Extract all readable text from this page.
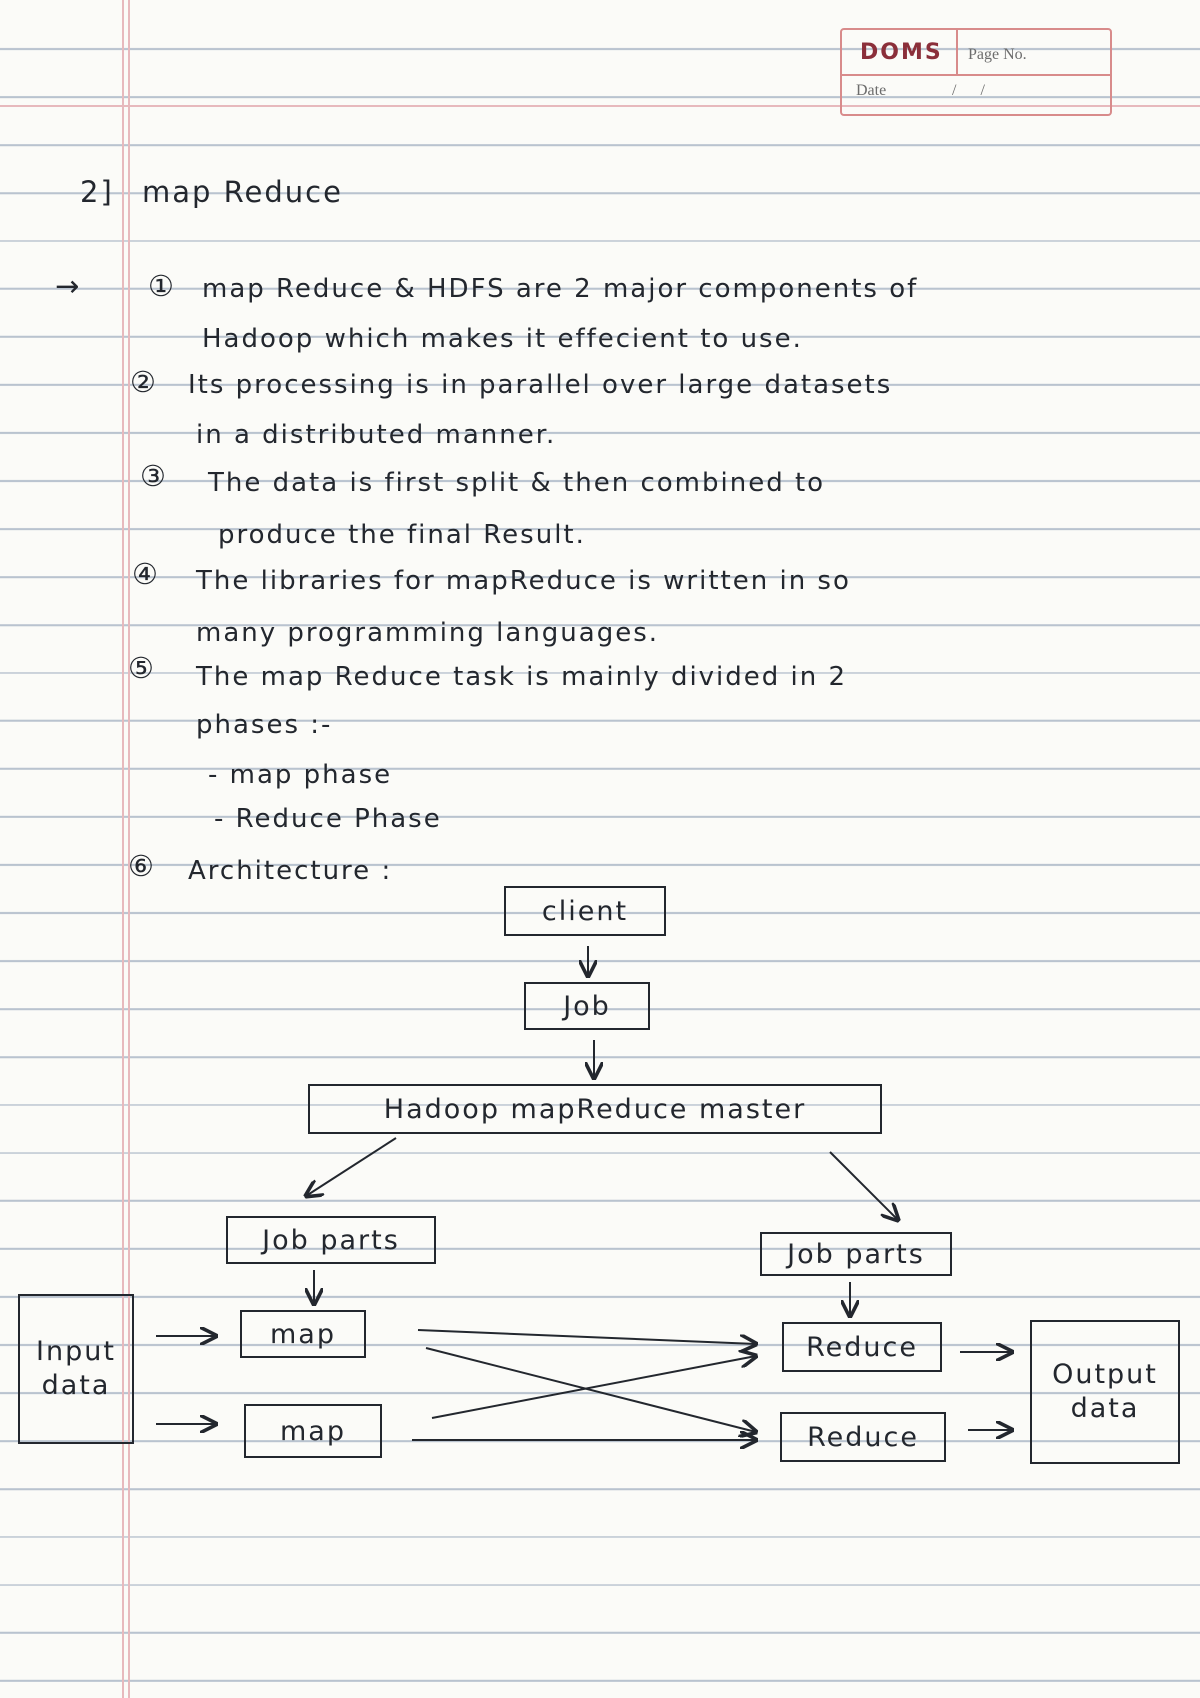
DOMS Page No.
Date	/      /
2] map Reduce
→ ① map Reduce & HDFS are 2 major components of
Hadoop which makes it effecient to use.
② Its processing is in parallel over large datasets
in a distributed manner.
③ The data is first split & then combined to
produce the final Result.
④ The libraries for mapReduce is written in so
many programming languages.
⑤ The map Reduce task is mainly divided in 2
phases :-
- map phase
- Reduce Phase
⑥ Architecture :
client
Job
Hadoop mapReduce master
Job parts	Job parts
Input data
map
map
Reduce
Reduce
Output data
